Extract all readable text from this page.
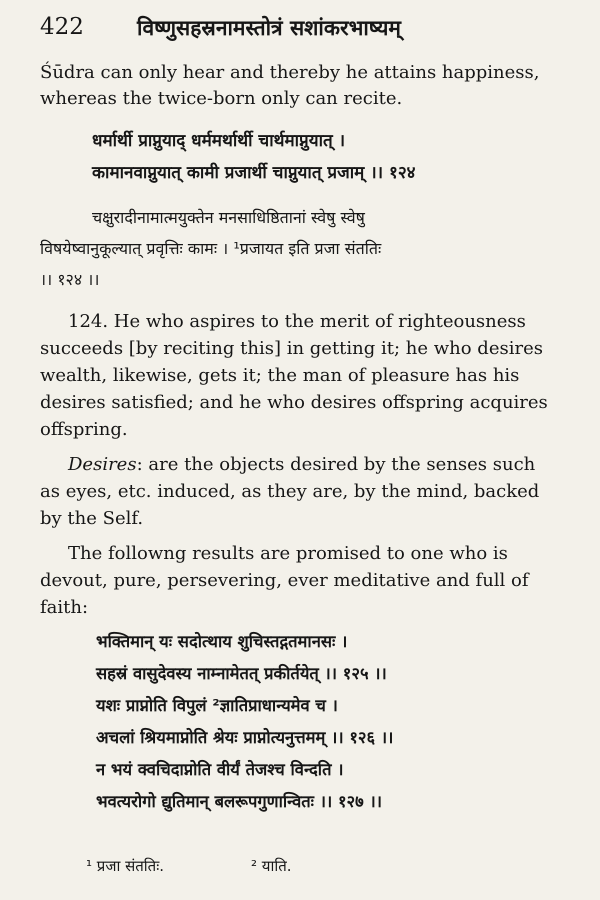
422	विष्णुसहस्रनामस्तोत्रं सशांकरभाष्यम्
Śūdra can only hear and thereby he attains happiness,
whereas the twice-born only can recite.
धर्मार्थी प्राप्नुयाद् धर्ममर्थार्थी चार्थमाप्नुयात् ।
कामानवाप्नुयात् कामी प्रजार्थी चाप्नुयात् प्रजाम् ।। १२४
चक्षुरादीनामात्मयुक्तेन मनसाधिष्ठितानां स्वेषु स्वेषु
विषयेष्वानुकूल्यात् प्रवृत्तिः कामः । ¹प्रजायत इति प्रजा संततिः
।। १२४ ।।
124. He who aspires to the merit of righteousness
succeeds [by reciting this] in getting it; he who desires
wealth, likewise, gets it; the man of pleasure has his
desires satisfied; and he who desires offspring acquires
offspring.
Desires: are the objects desired by the senses such
as eyes, etc. induced, as they are, by the mind, backed
by the Self.
The followng results are promised to one who is
devout, pure, persevering, ever meditative and full of
faith:
भक्तिमान् यः सदोत्थाय शुचिस्तद्गतमानसः ।
सहस्रं वासुदेवस्य नाम्नामेतत् प्रकीर्तयेत् ।। १२५ ।।
यशः प्राप्नोति विपुलं ²ज्ञातिप्राधान्यमेव च ।
अचलां श्रियमाप्नोति श्रेयः प्राप्नोत्यनुत्तमम् ।। १२६ ।।
न भयं क्वचिदाप्नोति वीर्यं तेजश्च विन्दति ।
भवत्यरोगो द्युतिमान् बलरूपगुणान्वितः ।। १२७ ।।
¹ प्रजा संततिः.	² याति.
